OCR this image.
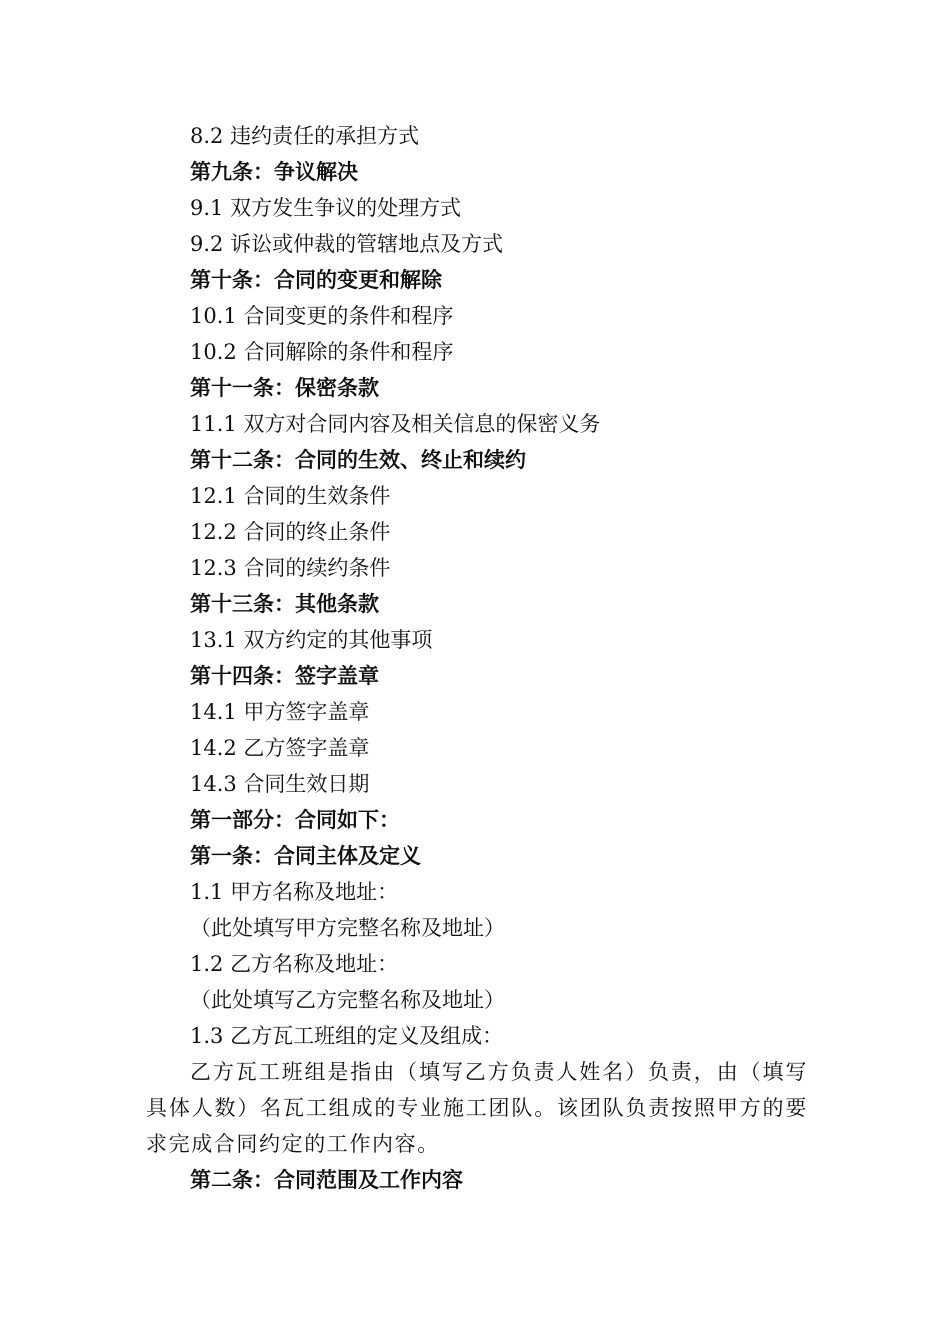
8.2 违约责任的承担方式
第九条：争议解决
9.1 双方发生争议的处理方式
9.2 诉讼或仲裁的管辖地点及方式
第十条：合同的变更和解除
10.1 合同变更的条件和程序
10.2 合同解除的条件和程序
第十一条：保密条款
11.1 双方对合同内容及相关信息的保密义务
第十二条：合同的生效、终止和续约
12.1 合同的生效条件
12.2 合同的终止条件
12.3 合同的续约条件
第十三条：其他条款
13.1 双方约定的其他事项
第十四条：签字盖章
14.1 甲方签字盖章
14.2 乙方签字盖章
14.3 合同生效日期
第一部分：合同如下：
第一条：合同主体及定义
1.1 甲方名称及地址：
（此处填写甲方完整名称及地址）
1.2 乙方名称及地址：
（此处填写乙方完整名称及地址）
1.3 乙方瓦工班组的定义及组成：
乙方瓦工班组是指由（填写乙方负责人姓名）负责，由（填写具体人数）名瓦工组成的专业施工团队。该团队负责按照甲方的要求完成合同约定的工作内容。
第二条：合同范围及工作内容
